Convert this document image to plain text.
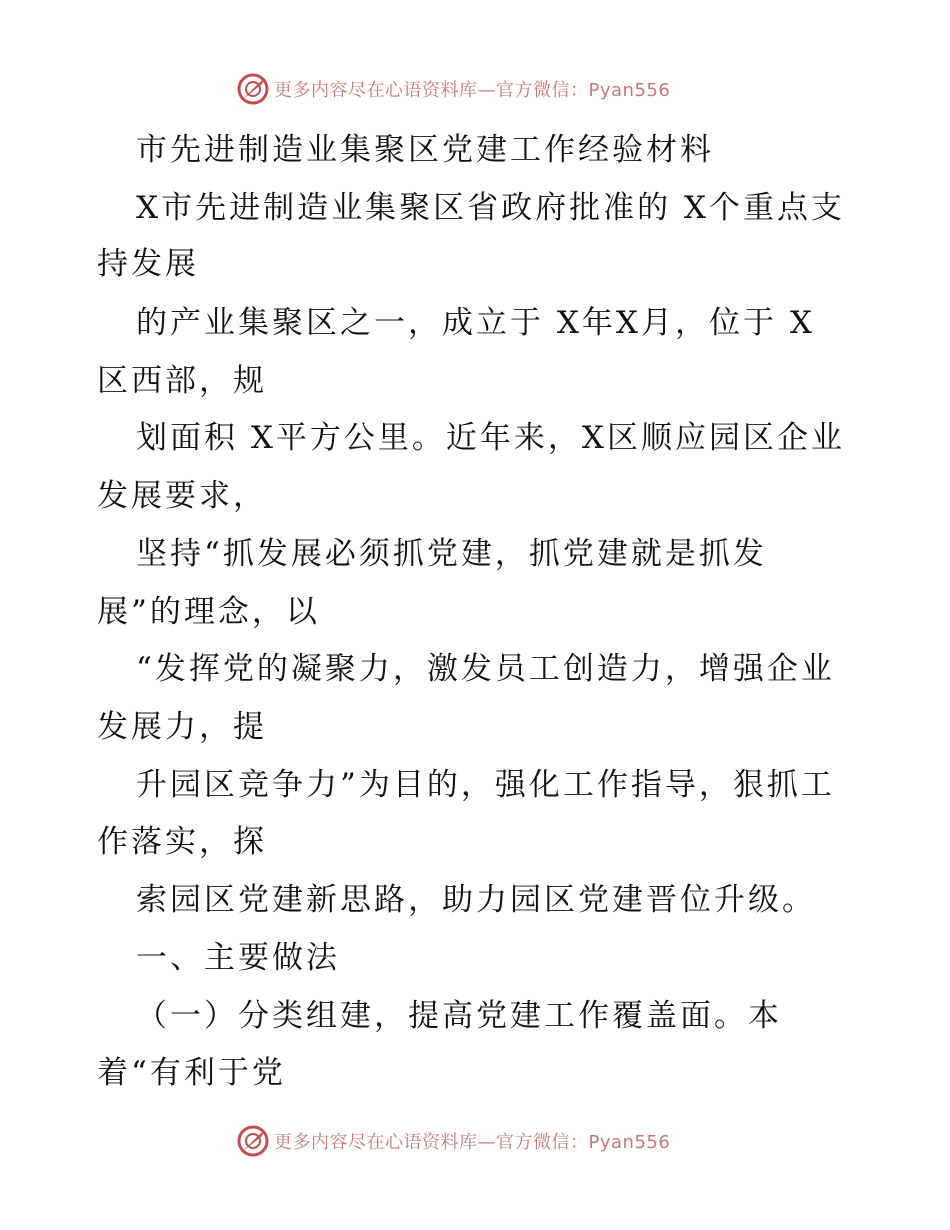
更多内容尽在心语资料库—官方微信：Pyan556
市先进制造业集聚区党建工作经验材料
X市先进制造业集聚区省政府批准的 X个重点支
持发展
的产业集聚区之一，成立于 X年X月，位于 X
区西部，规
划面积 X平方公里。近年来，X区顺应园区企业
发展要求，
坚持“抓发展必须抓党建，抓党建就是抓发
展”的理念，以
“发挥党的凝聚力，激发员工创造力，增强企业
发展力，提
升园区竞争力”为目的，强化工作指导，狠抓工
作落实，探
索园区党建新思路，助力园区党建晋位升级。
一、主要做法
（一）分类组建，提高党建工作覆盖面。本
着“有利于党
更多内容尽在心语资料库—官方微信：Pyan556
